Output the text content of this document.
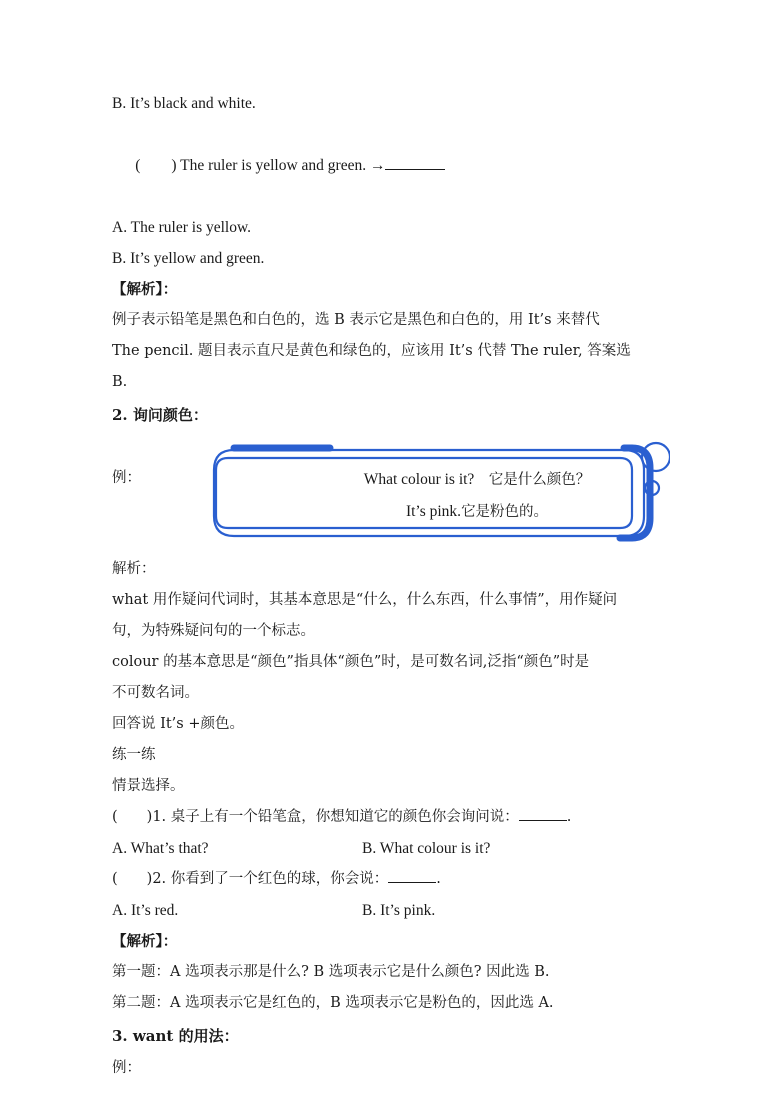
B. It’s black and white.

(　　) The ruler is yellow and green. →

A. The ruler is yellow.
B. It’s yellow and green.
【解析】：
例子表示铅笔是黑色和白色的，选 B 表示它是黑色和白色的，用 It’s 来替代
The pencil. 题目表示直尺是黄色和绿色的，应该用 It’s 代替 The ruler, 答案选
B.
2. 询问颜色：
例：	What colour is it?　它是什么颜色？
It’s pink.它是粉色的。
解析：
what 用作疑问代词时，其基本意思是“什么，什么东西，什么事情”，用作疑问
句，为特殊疑问句的一个标志。
colour 的基本意思是“颜色”指具体“颜色”时，是可数名词,泛指“颜色”时是
不可数名词。
回答说 It’s +颜色。
练一练
情景选择。
(　　)1. 桌子上有一个铅笔盒，你想知道它的颜色你会询问说：	.
A. What’s that?	B. What colour is it?
(　　)2. 你看到了一个红色的球，你会说：	.
A. It’s red.	B. It’s pink.
【解析】：
第一题：A 选项表示那是什么? B 选项表示它是什么颜色? 因此选 B.
第二题：A 选项表示它是红色的，B 选项表示它是粉色的，因此选 A.
3. want 的用法：
例：
